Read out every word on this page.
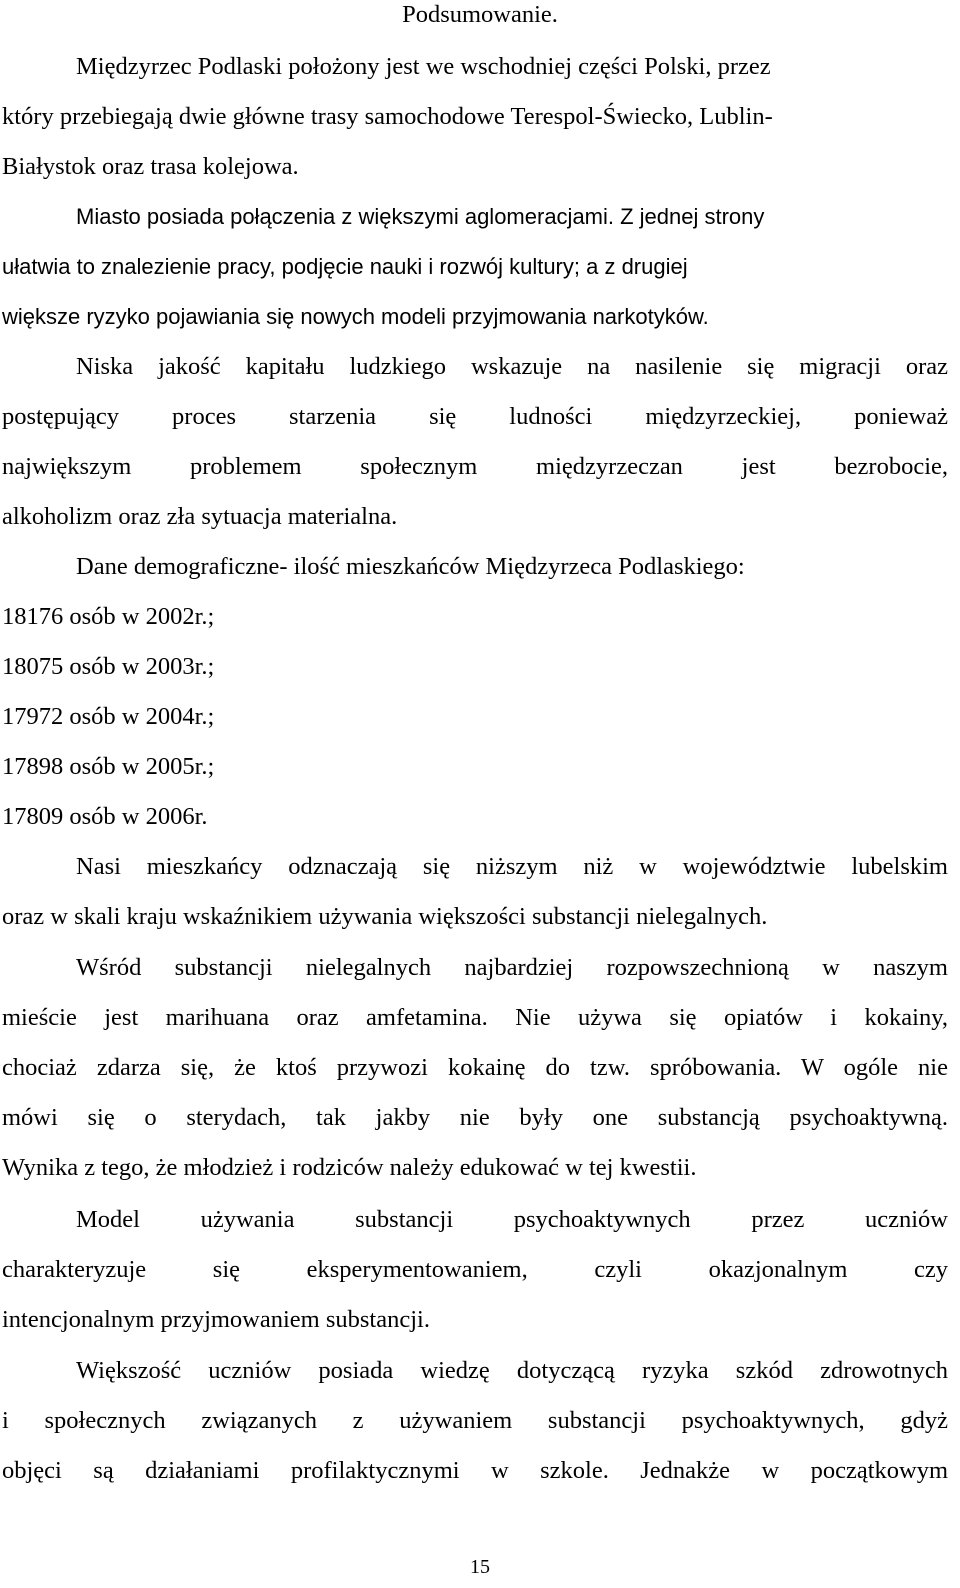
Podsumowanie.

Międzyrzec Podlaski położony jest we wschodniej części Polski, przez

który przebiegają dwie główne trasy samochodowe Terespol-Świecko, Lublin-

Białystok oraz trasa kolejowa.

Miasto posiada połączenia z większymi aglomeracjami. Z jednej strony

ułatwia to znalezienie pracy, podjęcie nauki i rozwój kultury; a z drugiej

większe ryzyko pojawiania się nowych modeli przyjmowania narkotyków.

Niska jakość kapitału ludzkiego wskazuje na nasilenie się migracji oraz

postępujący proces starzenia się ludności międzyrzeckiej, ponieważ

największym problemem społecznym międzyrzeczan jest bezrobocie,

alkoholizm oraz zła sytuacja materialna.

Dane demograficzne- ilość mieszkańców Międzyrzeca Podlaskiego:

18176 osób w 2002r.;

18075 osób w 2003r.;

17972 osób w 2004r.;

17898 osób w 2005r.;

17809 osób w 2006r.

Nasi mieszkańcy odznaczają się niższym niż w województwie lubelskim

oraz w skali kraju wskaźnikiem używania większości substancji nielegalnych.

Wśród substancji nielegalnych najbardziej rozpowszechnioną w naszym

mieście jest marihuana oraz amfetamina. Nie używa się opiatów i kokainy,

chociaż zdarza się, że ktoś przywozi kokainę do tzw. spróbowania. W ogóle nie

mówi się o sterydach, tak jakby nie były one substancją psychoaktywną.

Wynika z tego, że młodzież i rodziców należy edukować w tej kwestii.

Model używania substancji psychoaktywnych przez uczniów

charakteryzuje się eksperymentowaniem, czyli okazjonalnym czy

intencjonalnym przyjmowaniem substancji.

Większość uczniów posiada wiedzę dotyczącą ryzyka szkód zdrowotnych

i społecznych związanych z używaniem substancji psychoaktywnych, gdyż

objęci są działaniami profilaktycznymi w szkole. Jednakże w początkowym

15
